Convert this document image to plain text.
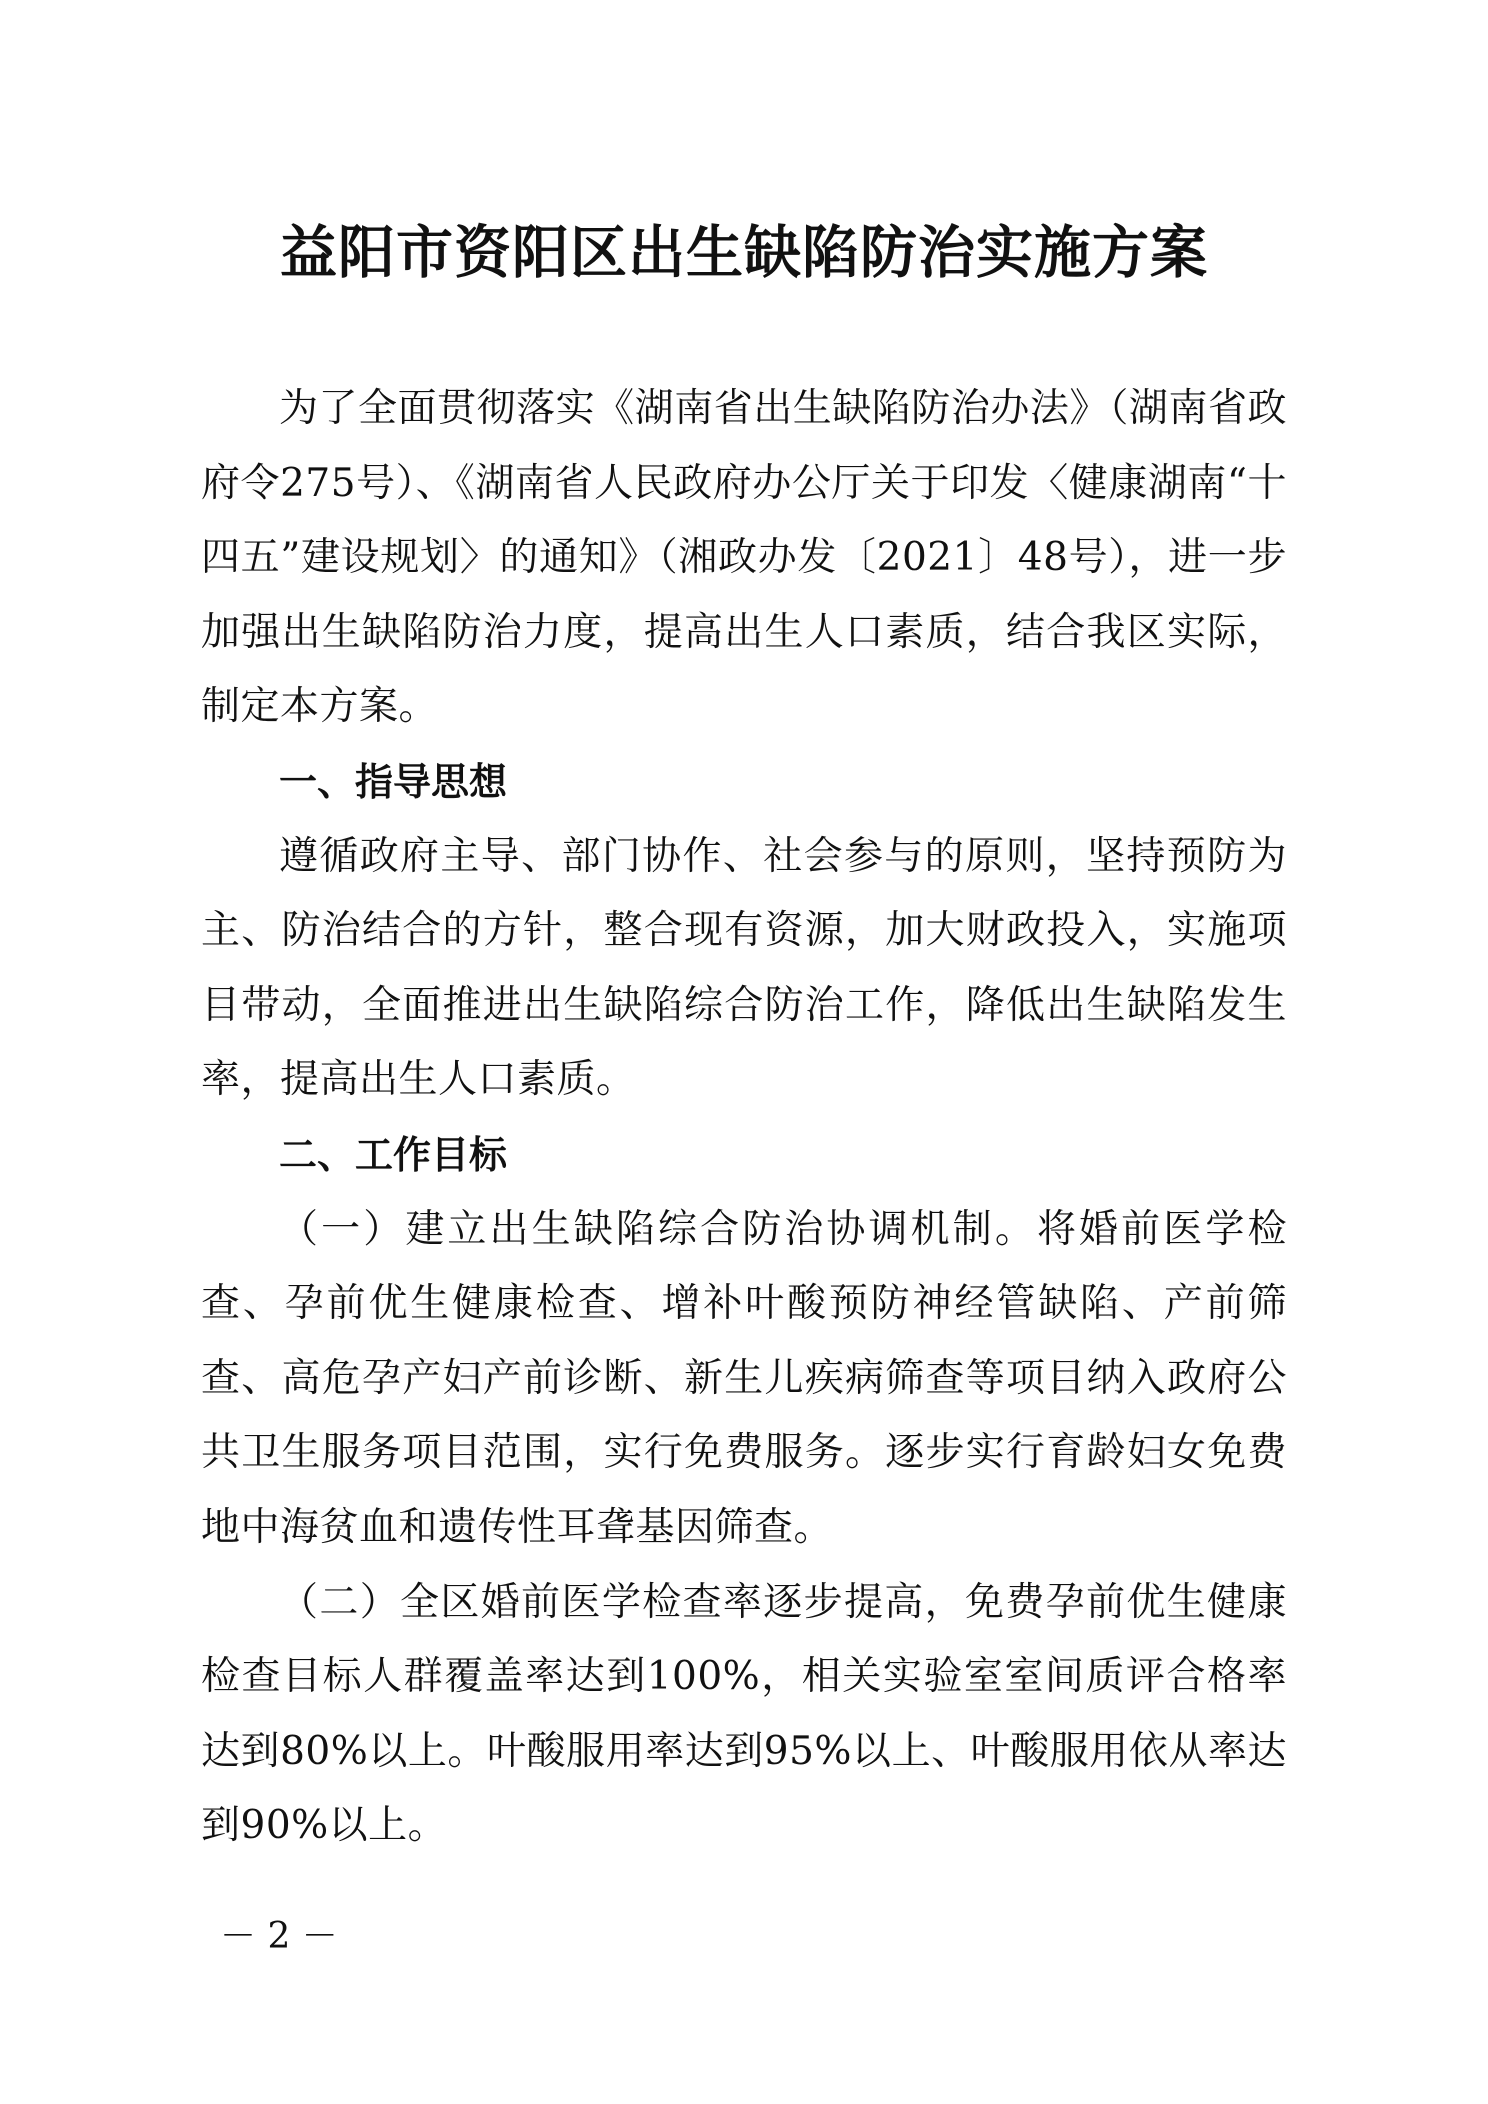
益阳市资阳区出生缺陷防治实施方案

为了全面贯彻落实《湖南省出生缺陷防治办法》（湖南省政府令275号）、《湖南省人民政府办公厅关于印发〈健康湖南“十四五”建设规划〉的通知》（湘政办发〔2021〕48号），进一步加强出生缺陷防治力度，提高出生人口素质，结合我区实际，制定本方案。

一、指导思想

遵循政府主导、部门协作、社会参与的原则，坚持预防为主、防治结合的方针，整合现有资源，加大财政投入，实施项目带动，全面推进出生缺陷综合防治工作，降低出生缺陷发生率，提高出生人口素质。

二、工作目标

（一）建立出生缺陷综合防治协调机制。将婚前医学检查、孕前优生健康检查、增补叶酸预防神经管缺陷、产前筛查、高危孕产妇产前诊断、新生儿疾病筛查等项目纳入政府公共卫生服务项目范围，实行免费服务。逐步实行育龄妇女免费地中海贫血和遗传性耳聋基因筛查。

（二）全区婚前医学检查率逐步提高，免费孕前优生健康检查目标人群覆盖率达到100%，相关实验室室间质评合格率达到80%以上。叶酸服用率达到95%以上、叶酸服用依从率达到90%以上。

－ 2 －
